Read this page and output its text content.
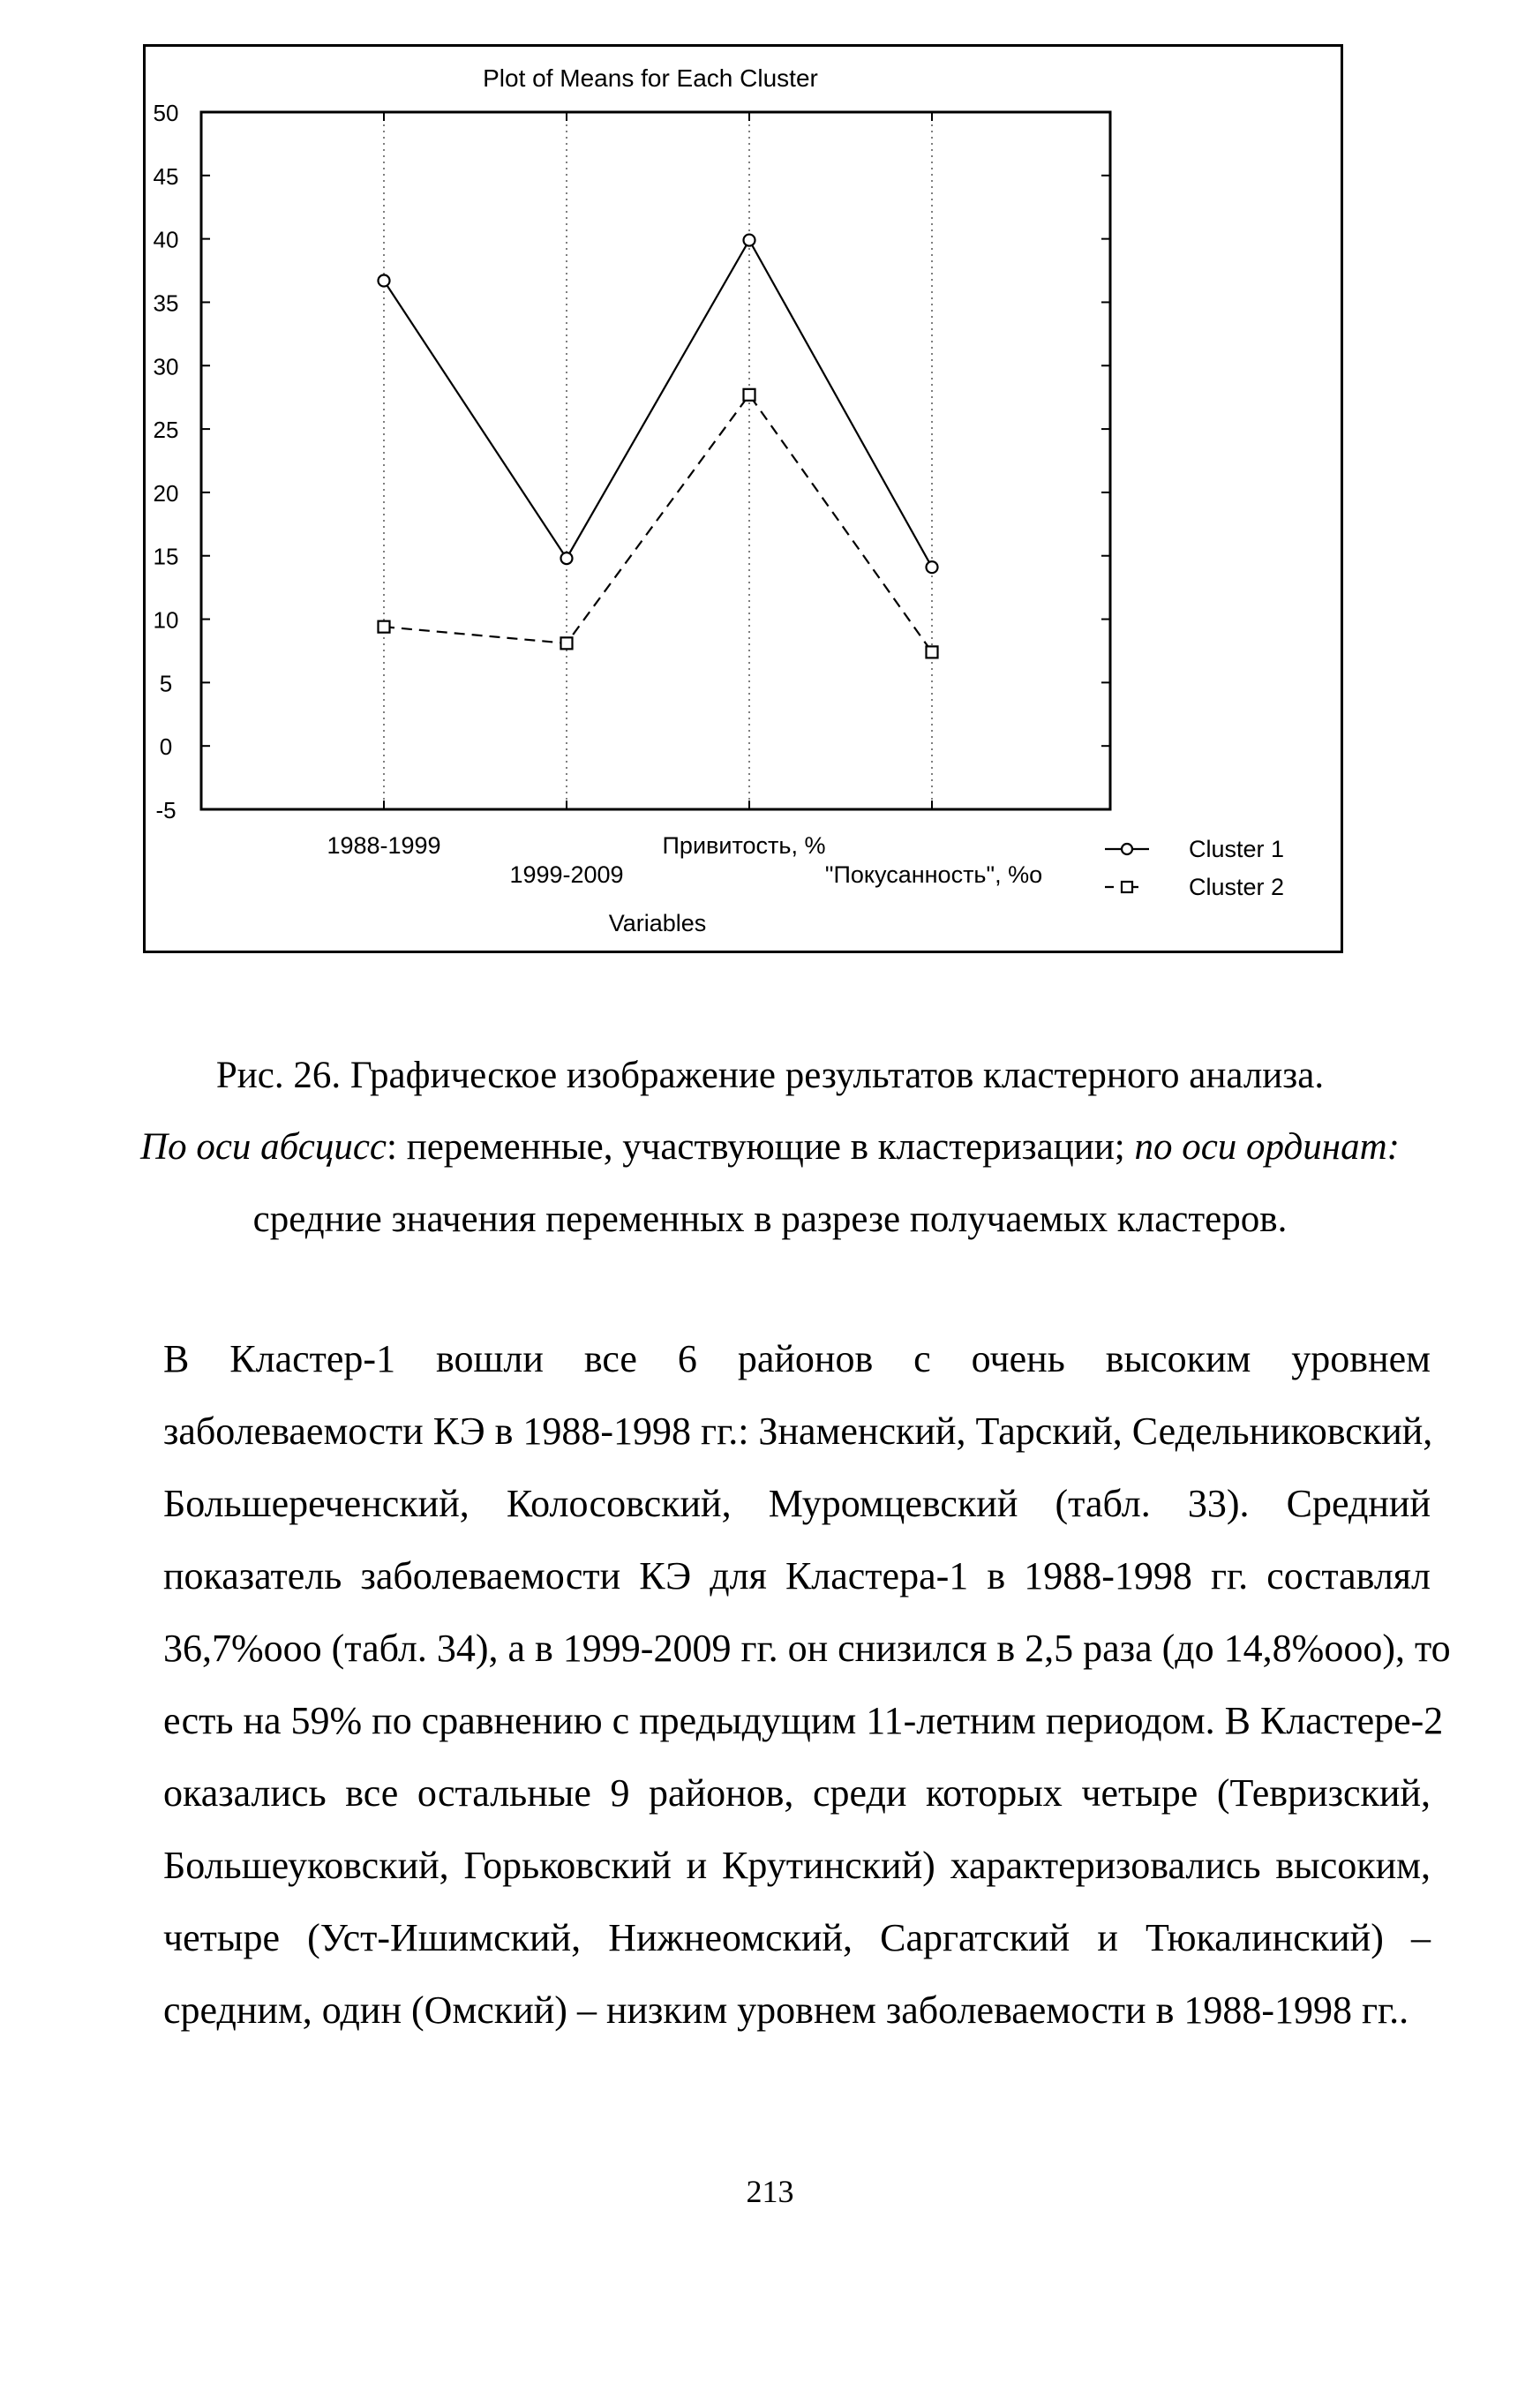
Plot of Means for Each Cluster
50
45
40
35
30
25
20
15
10
5
0
-5
1988-1999
1999-2009
Привитость, %
"Покусанность", %o
Variables
Cluster 1
Cluster 2
Рис. 26. Графическое изображение результатов кластерного анализа.
По оси абсцисс: переменные, участвующие в кластеризации; по оси ординат:
средние значения переменных в разрезе получаемых кластеров.
В Кластер-1 вошли все 6 районов с очень высоким уровнем
заболеваемости КЭ в 1988-1998 гг.: Знаменский, Тарский, Седельниковский,
Большереченский, Колосовский, Муромцевский (табл. 33). Средний
показатель заболеваемости КЭ для Кластера-1 в 1988-1998 гг. составлял
36,7%ooo (табл. 34), а в 1999-2009 гг. он снизился в 2,5 раза (до 14,8%ooo), то
есть на 59% по сравнению с предыдущим 11-летним периодом. В Кластере-2
оказались все остальные 9 районов, среди которых четыре (Тевризский,
Большеуковский, Горьковский и Крутинский) характеризовались высоким,
четыре (Уст-Ишимский, Нижнеомский, Саргатский и Тюкалинский) –
средним, один (Омский) – низким уровнем заболеваемости в 1988-1998 гг..
213
